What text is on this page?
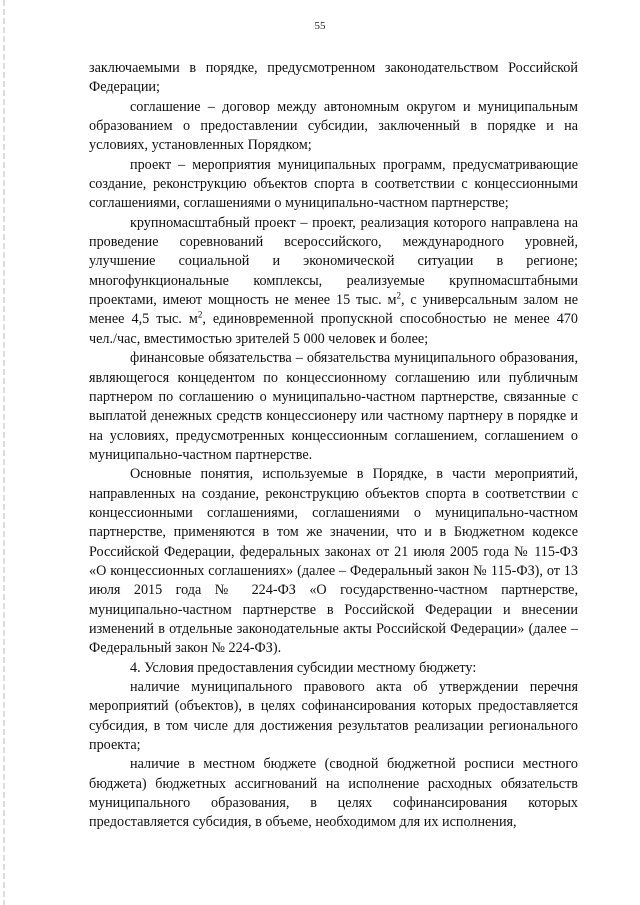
55

заключаемыми в порядке, предусмотренном законодательством Российской Федерации;

соглашение – договор между автономным округом и муниципальным образованием о предоставлении субсидии, заключенный в порядке и на условиях, установленных Порядком;

проект – мероприятия муниципальных программ, предусматривающие создание, реконструкцию объектов спорта в соответствии с концессионными соглашениями, соглашениями о муниципально-частном партнерстве;

крупномасштабный проект – проект, реализация которого направлена на проведение соревнований всероссийского, международного уровней, улучшение социальной и экономической ситуации в регионе; многофункциональные комплексы, реализуемые крупномасштабными проектами, имеют мощность не менее 15 тыс. $м^2$, с универсальным залом не менее 4,5 тыс. $м^2$, единовременной пропускной способностью не менее 470 чел./час, вместимостью зрителей 5 000 человек и более;

финансовые обязательства – обязательства муниципального образования, являющегося концедентом по концессионному соглашению или публичным партнером по соглашению о муниципально-частном партнерстве, связанные с выплатой денежных средств концессионеру или частному партнеру в порядке и на условиях, предусмотренных концессионным соглашением, соглашением о муниципально-частном партнерстве.

Основные понятия, используемые в Порядке, в части мероприятий, направленных на создание, реконструкцию объектов спорта в соответствии с концессионными соглашениями, соглашениями о муниципально-частном партнерстве, применяются в том же значении, что и в Бюджетном кодексе Российской Федерации, федеральных законах от 21 июля 2005 года № 115-ФЗ «О концессионных соглашениях» (далее – Федеральный закон № 115-ФЗ), от 13 июля 2015 года № 224-ФЗ «О государственно-частном партнерстве, муниципально-частном партнерстве в Российской Федерации и внесении изменений в отдельные законодательные акты Российской Федерации» (далее – Федеральный закон № 224-ФЗ).

4. Условия предоставления субсидии местному бюджету:

наличие муниципального правового акта об утверждении перечня мероприятий (объектов), в целях софинансирования которых предоставляется субсидия, в том числе для достижения результатов реализации регионального проекта;

наличие в местном бюджете (сводной бюджетной росписи местного бюджета) бюджетных ассигнований на исполнение расходных обязательств муниципального образования, в целях софинансирования которых предоставляется субсидия, в объеме, необходимом для их исполнения,
